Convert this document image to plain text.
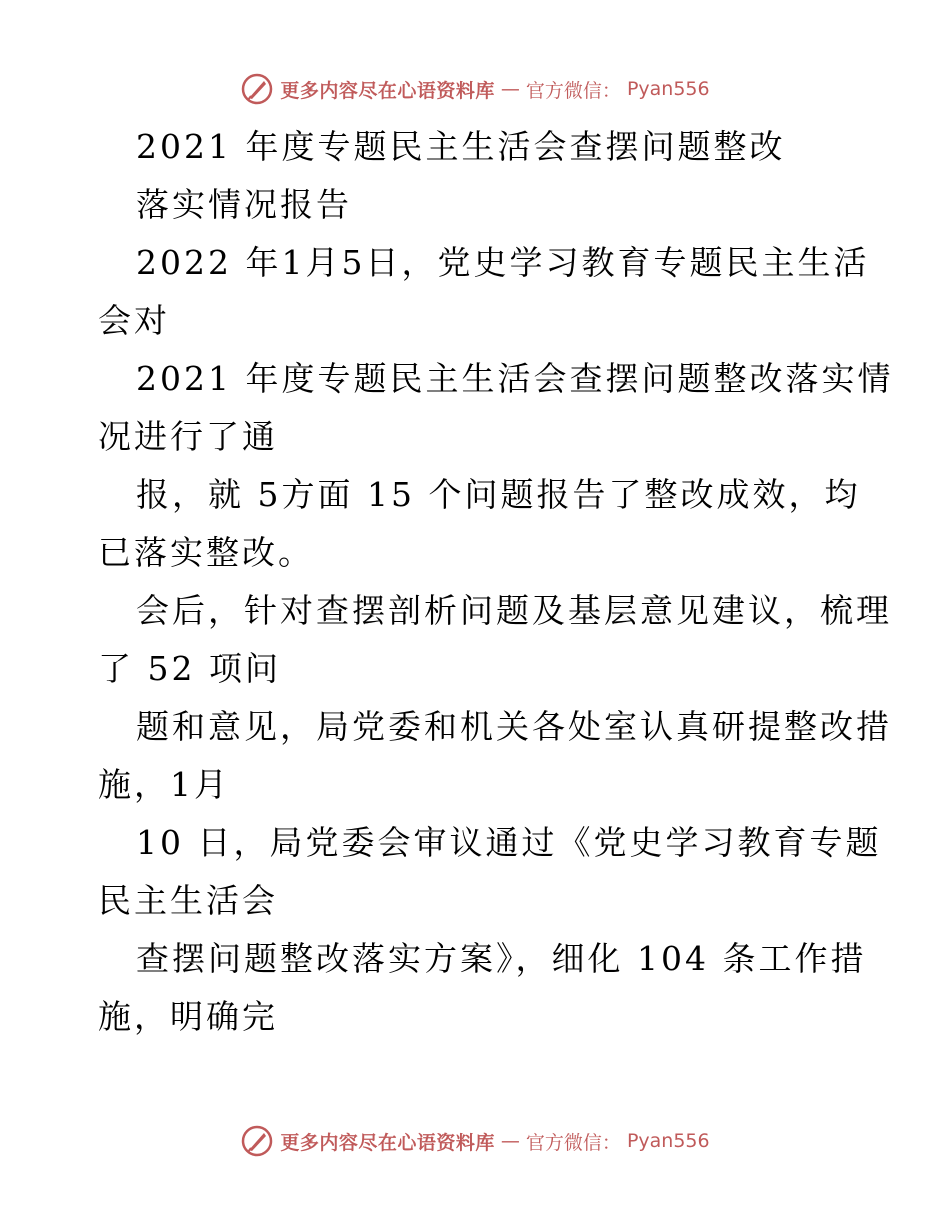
更多内容尽在心语资料库 — 官方微信： Pyan556
2021 年度专题民主生活会查摆问题整改
落实情况报告
2022 年1月5日，党史学习教育专题民主生活
会对
2021 年度专题民主生活会查摆问题整改落实情
况进行了通
报，就 5方面 15 个问题报告了整改成效，均
已落实整改。
会后，针对查摆剖析问题及基层意见建议，梳理
了 52 项问
题和意见，局党委和机关各处室认真研提整改措
施，1月
10 日，局党委会审议通过《党史学习教育专题
民主生活会
查摆问题整改落实方案》，细化 104 条工作措
施，明确完
更多内容尽在心语资料库 — 官方微信： Pyan556
